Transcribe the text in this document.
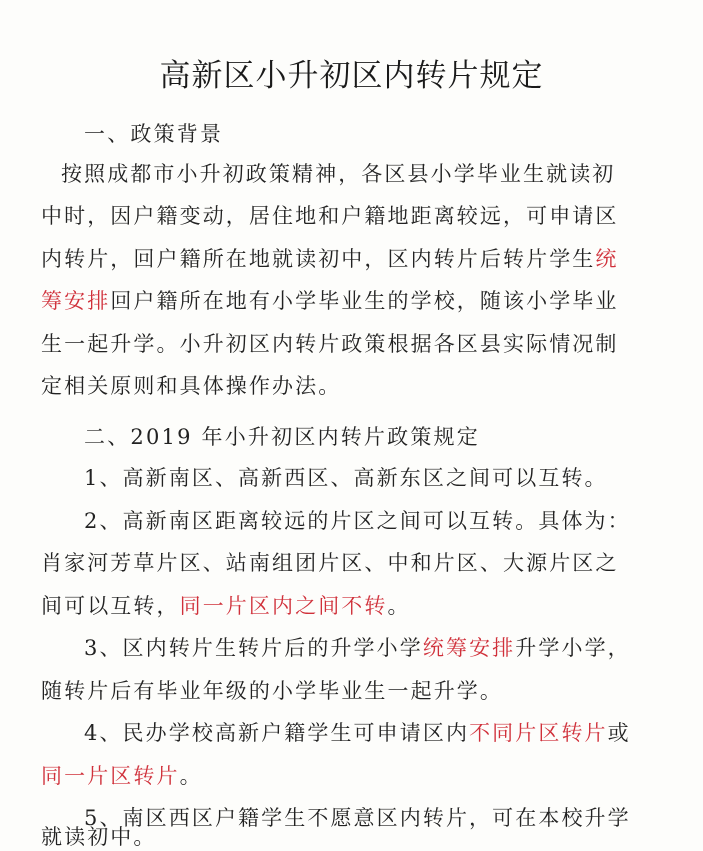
高新区小升初区内转片规定

一、政策背景

按照成都市小升初政策精神，各区县小学毕业生就读初

中时，因户籍变动，居住地和户籍地距离较远，可申请区

内转片，回户籍所在地就读初中，区内转片后转片学生统

筹安排回户籍所在地有小学毕业生的学校，随该小学毕业

生一起升学。小升初区内转片政策根据各区县实际情况制

定相关原则和具体操作办法。

二、2019 年小升初区内转片政策规定

1、高新南区、高新西区、高新东区之间可以互转。

2、高新南区距离较远的片区之间可以互转。具体为：

肖家河芳草片区、站南组团片区、中和片区、大源片区之

间可以互转，同一片区内之间不转。

3、区内转片生转片后的升学小学统筹安排升学小学，

随转片后有毕业年级的小学毕业生一起升学。

4、民办学校高新户籍学生可申请区内不同片区转片或

同一片区转片。

5、南区西区户籍学生不愿意区内转片，可在本校升学

就读初中。
